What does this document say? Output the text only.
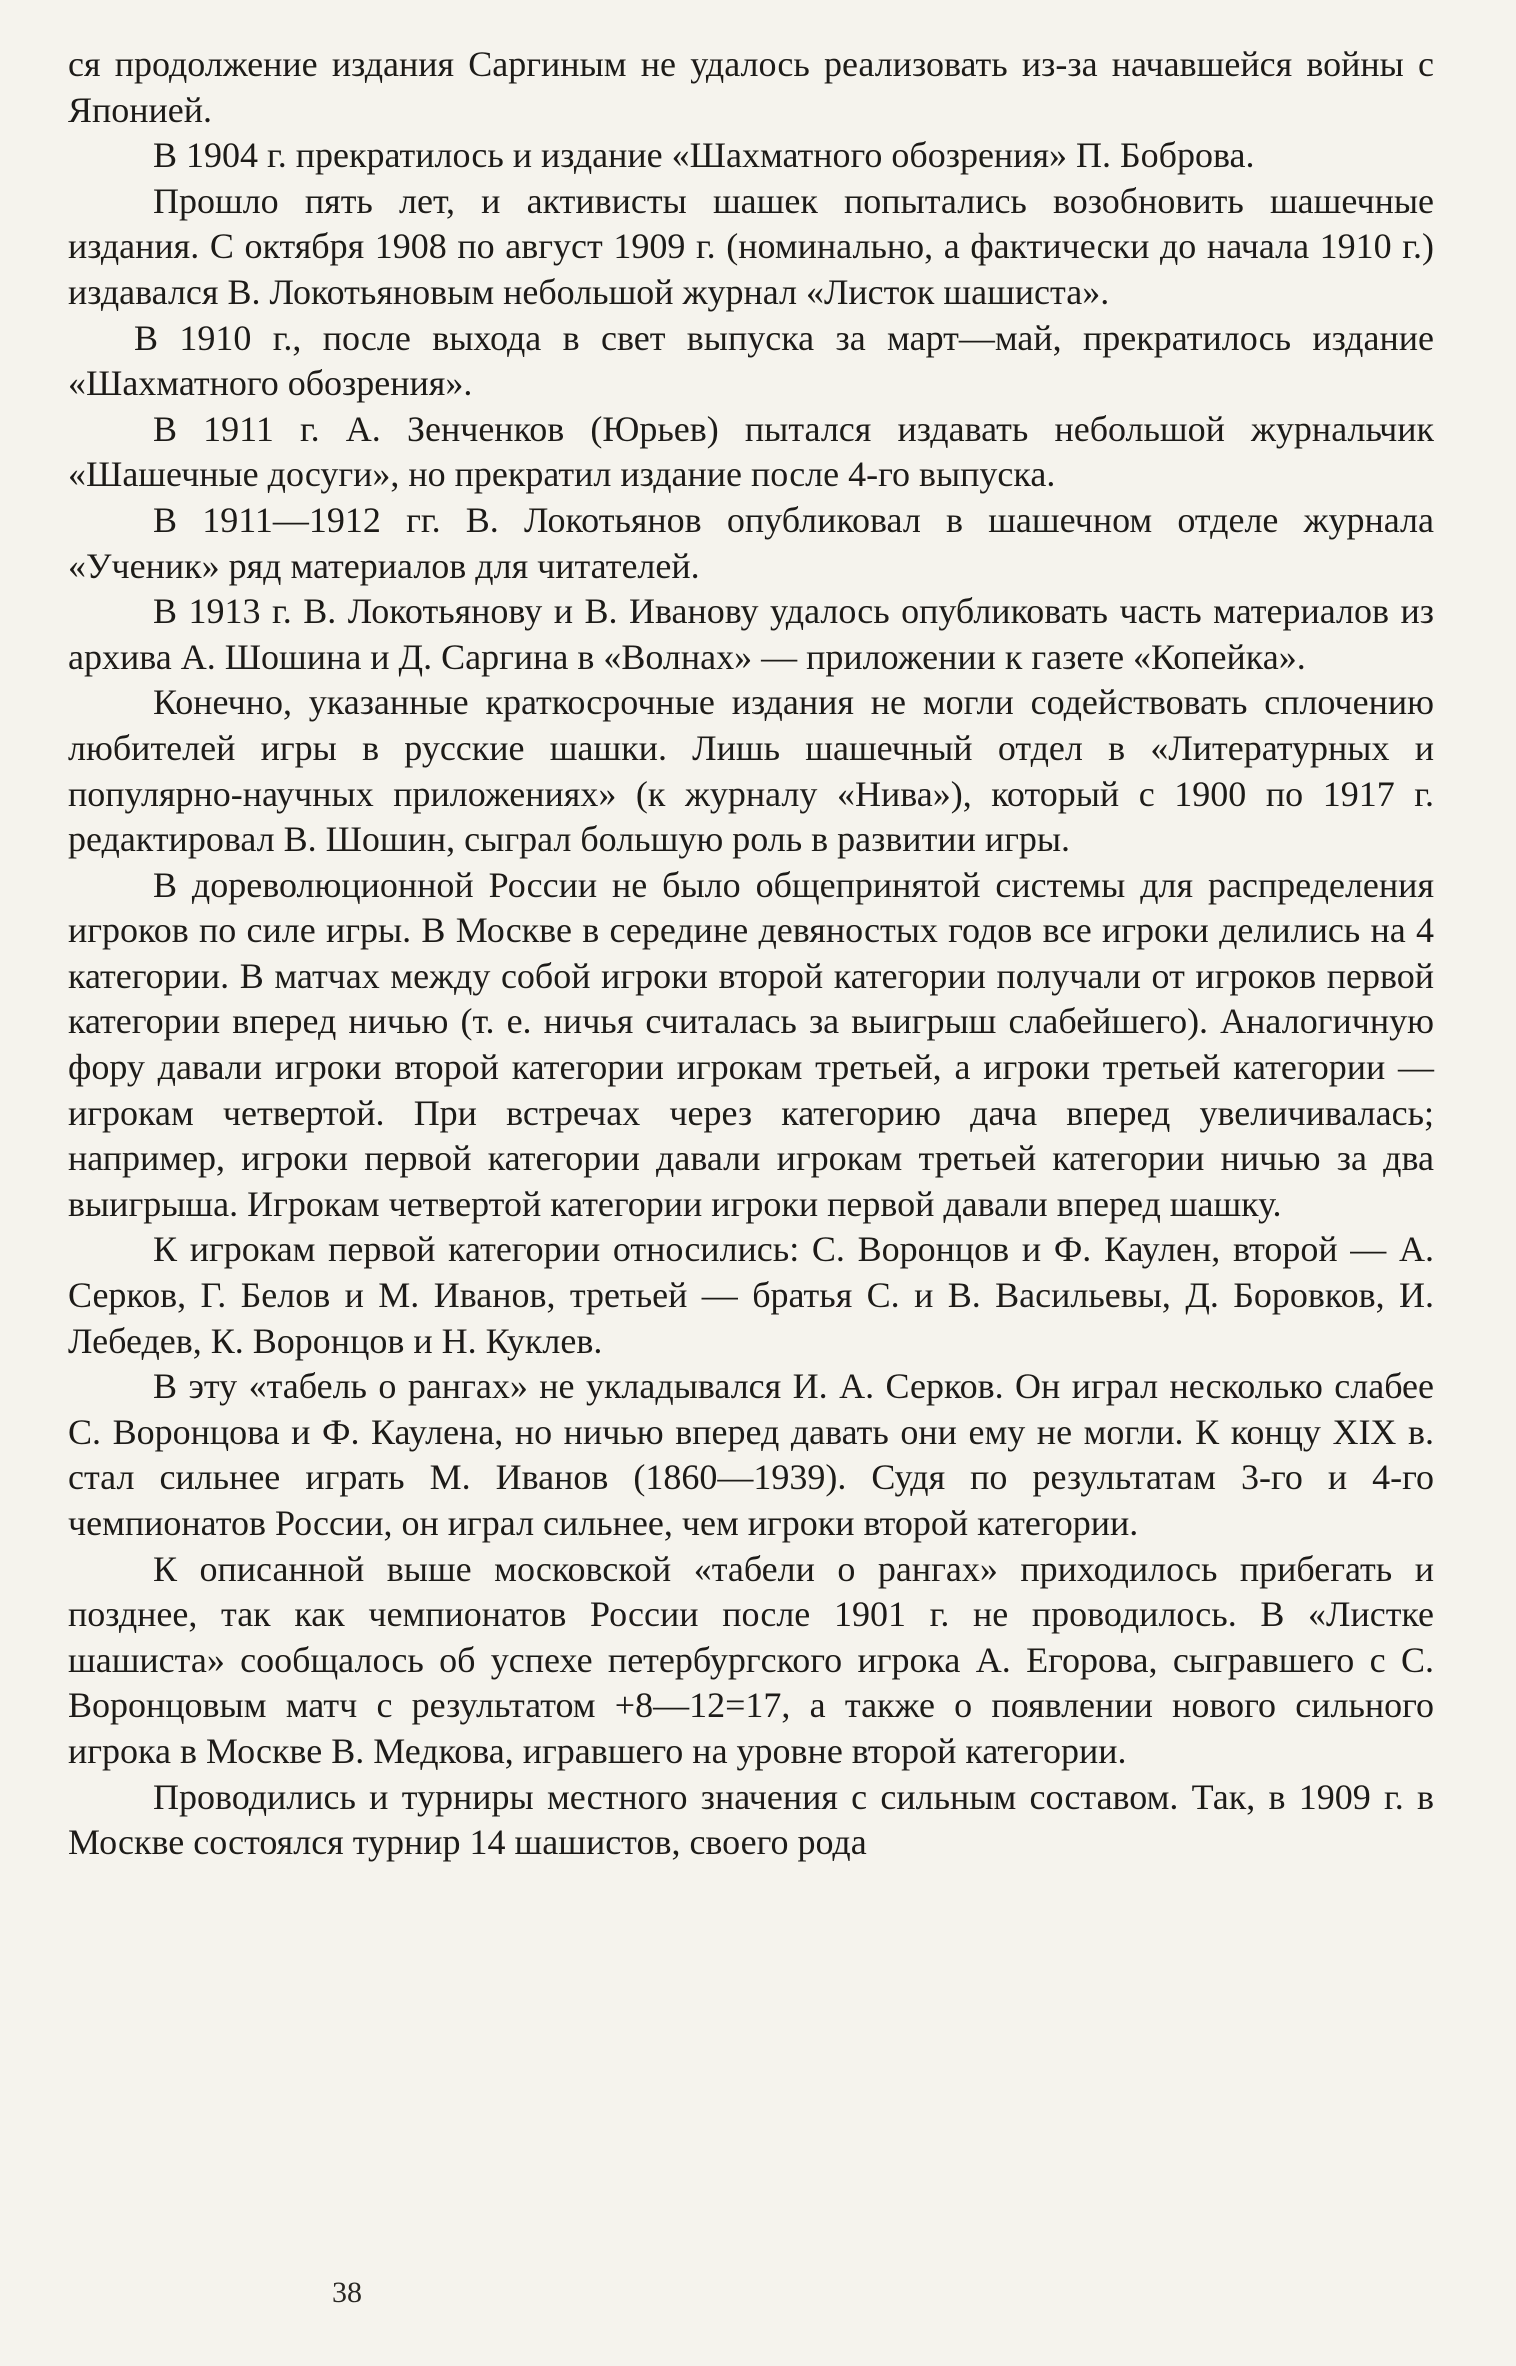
ся продолжение издания Саргиным не удалось реализовать из-за начавшейся войны с Японией.

В 1904 г. прекратилось и издание «Шахматного обозрения» П. Боброва.

Прошло пять лет, и активисты шашек попытались возобновить шашечные издания. С октября 1908 по август 1909 г. (номинально, а фактически до начала 1910 г.) издавался В. Локотьяновым небольшой журнал «Листок шашиста».

В 1910 г., после выхода в свет выпуска за март—май, прекратилось издание «Шахматного обозрения».

В 1911 г. А. Зенченков (Юрьев) пытался издавать небольшой журнальчик «Шашечные досуги», но прекратил издание после 4-го выпуска.

В 1911—1912 гг. В. Локотьянов опубликовал в шашечном отделе журнала «Ученик» ряд материалов для читателей.

В 1913 г. В. Локотьянову и В. Иванову удалось опубликовать часть материалов из архива А. Шошина и Д. Саргина в «Волнах» — приложении к газете «Копейка».

Конечно, указанные краткосрочные издания не могли содействовать сплочению любителей игры в русские шашки. Лишь шашечный отдел в «Литературных и популярно-научных приложениях» (к журналу «Нива»), который с 1900 по 1917 г. редактировал В. Шошин, сыграл большую роль в развитии игры.

В дореволюционной России не было общепринятой системы для распределения игроков по силе игры. В Москве в середине девяностых годов все игроки делились на 4 категории. В матчах между собой игроки второй категории получали от игроков первой категории вперед ничью (т. е. ничья считалась за выигрыш слабейшего). Аналогичную фору давали игроки второй категории игрокам третьей, а игроки третьей категории — игрокам четвертой. При встречах через категорию дача вперед увеличивалась; например, игроки первой категории давали игрокам третьей категории ничью за два выигрыша. Игрокам четвертой категории игроки первой давали вперед шашку.

К игрокам первой категории относились: С. Воронцов и Ф. Каулен, второй — А. Серков, Г. Белов и М. Иванов, третьей — братья С. и В. Васильевы, Д. Боровков, И. Лебедев, К. Воронцов и Н. Куклев.

В эту «табель о рангах» не укладывался И. А. Серков. Он играл несколько слабее С. Воронцова и Ф. Каулена, но ничью вперед давать они ему не могли. К концу XIX в. стал сильнее играть М. Иванов (1860—1939). Судя по результатам 3-го и 4-го чемпионатов России, он играл сильнее, чем игроки второй категории.

К описанной выше московской «табели о рангах» приходилось прибегать и позднее, так как чемпионатов России после 1901 г. не проводилось. В «Листке шашиста» сообщалось об успехе петербургского игрока А. Егорова, сыгравшего с С. Воронцовым матч с результатом +8—12=17, а также о появлении нового сильного игрока в Москве В. Медкова, игравшего на уровне второй категории.

Проводились и турниры местного значения с сильным составом. Так, в 1909 г. в Москве состоялся турнир 14 шашистов, своего рода

38
